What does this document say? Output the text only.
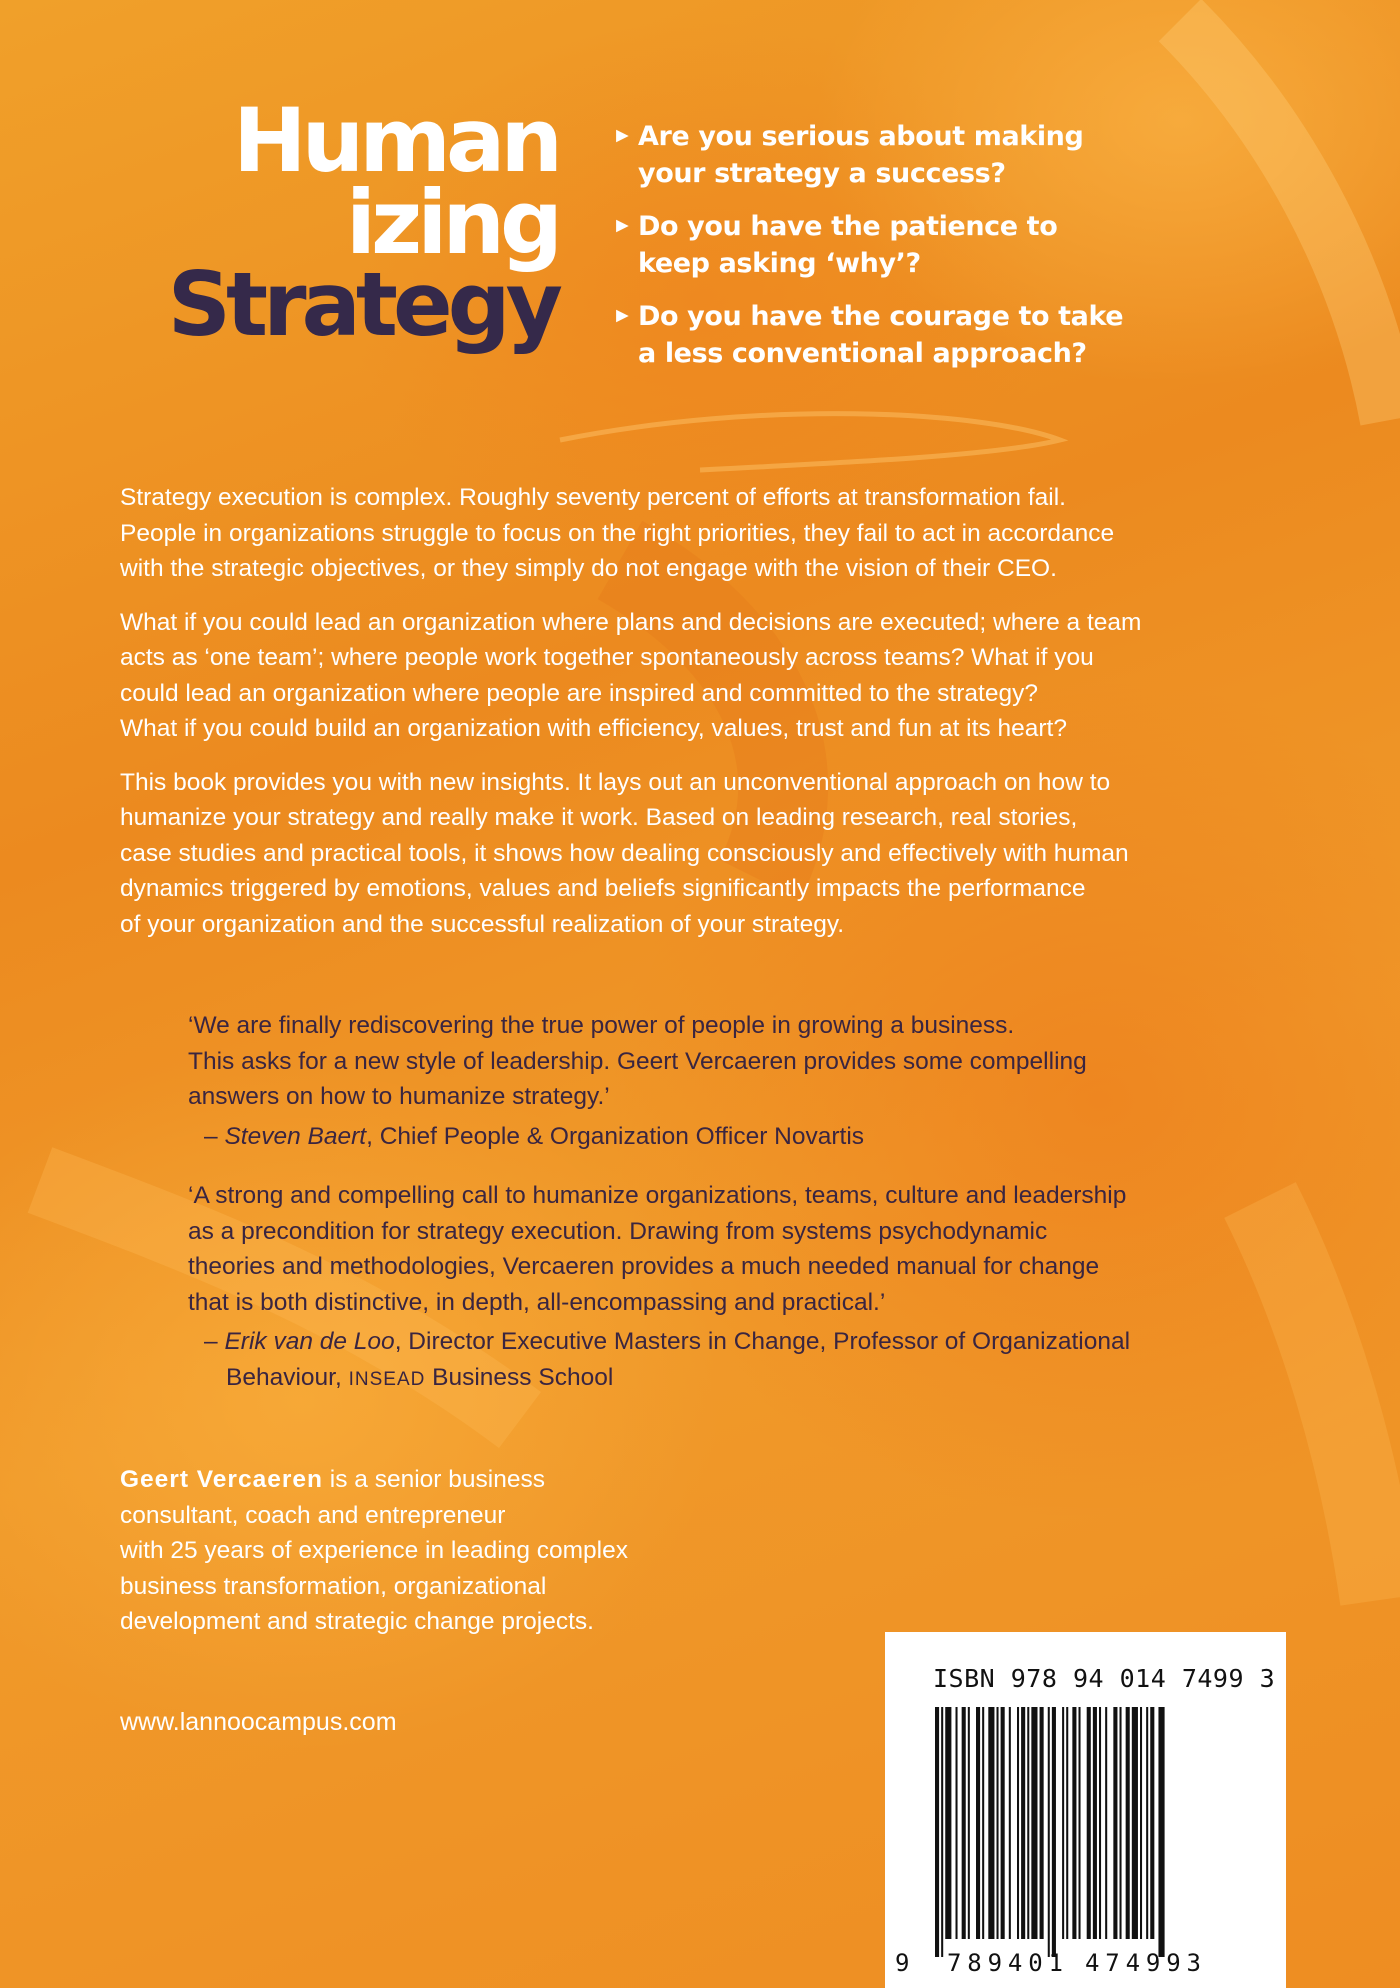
Human
izing
Strategy
► Are you serious about making
your strategy a success?
► Do you have the patience to
keep asking ‘why’?
► Do you have the courage to take
a less conventional approach?
Strategy execution is complex. Roughly seventy percent of efforts at transformation fail.
People in organizations struggle to focus on the right priorities, they fail to act in accordance
with the strategic objectives, or they simply do not engage with the vision of their CEO.
What if you could lead an organization where plans and decisions are executed; where a team
acts as ‘one team’; where people work together spontaneously across teams? What if you
could lead an organization where people are inspired and committed to the strategy?
What if you could build an organization with efficiency, values, trust and fun at its heart?
This book provides you with new insights. It lays out an unconventional approach on how to
humanize your strategy and really make it work. Based on leading research, real stories,
case studies and practical tools, it shows how dealing consciously and effectively with human
dynamics triggered by emotions, values and beliefs significantly impacts the performance
of your organization and the successful realization of your strategy.
‘We are finally rediscovering the true power of people in growing a business.
This asks for a new style of leadership. Geert Vercaeren provides some compelling
answers on how to humanize strategy.’
– Steven Baert, Chief People & Organization Officer Novartis
‘A strong and compelling call to humanize organizations, teams, culture and leadership
as a precondition for strategy execution. Drawing from systems psychodynamic
theories and methodologies, Vercaeren provides a much needed manual for change
that is both distinctive, in depth, all-encompassing and practical.’
– Erik van de Loo, Director Executive Masters in Change, Professor of Organizational
Behaviour, INSEAD Business School
Geert Vercaeren is a senior business
consultant, coach and entrepreneur
with 25 years of experience in leading complex
business transformation, organizational
development and strategic change projects.
www.lannoocampus.com
ISBN 978 94 014 7499 3
9 789401 474993
